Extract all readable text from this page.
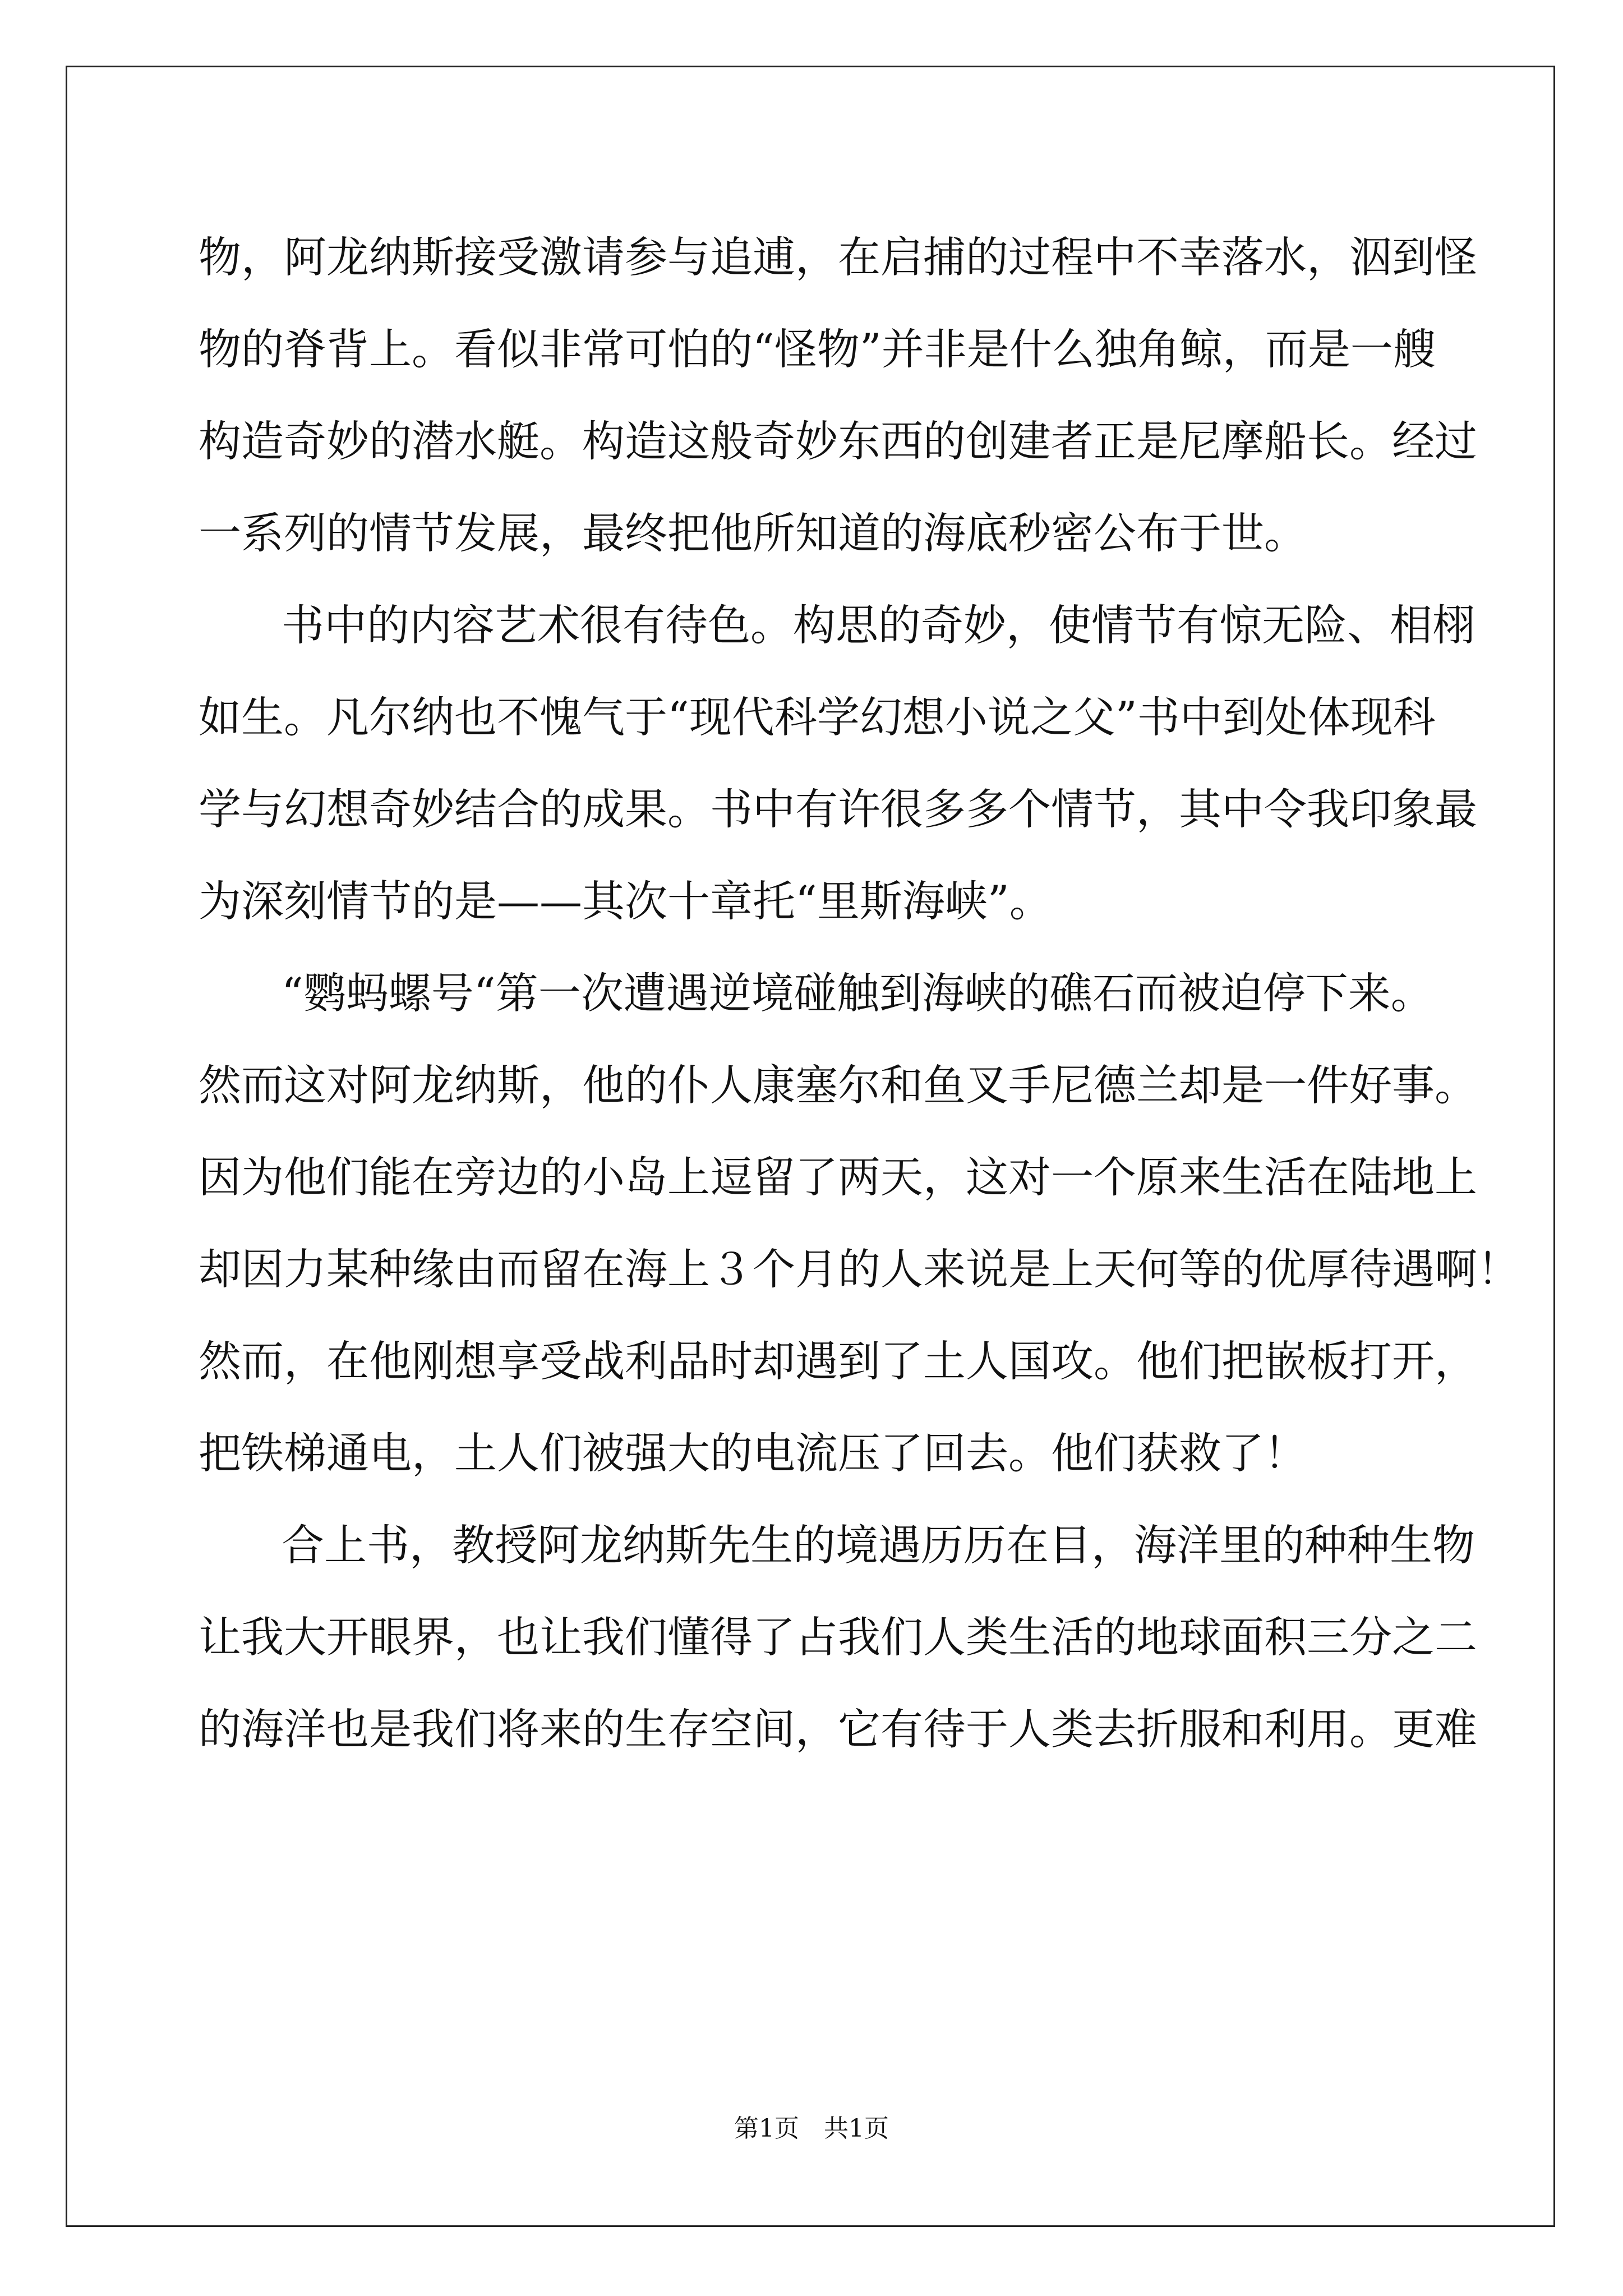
物，阿龙纳斯接受激请参与追逋，在启捕的过程中不幸落水，泅到怪
物的脊背上。看似非常可怕的“怪物”并非是什么独角鲸，而是一艘
构造奇妙的潜水艇。构造这般奇妙东西的创建者正是尼摩船长。经过
一系列的情节发展，最终把他所知道的海底秒密公布于世。
书中的内容艺术很有待色。构思的奇妙，使情节有惊无险、相栩
如生。凡尔纳也不愧气于“现代科学幻想小说之父”书中到处体现科
学与幻想奇妙结合的成果。书中有许很多多个情节，其中令我印象最
为深刻情节的是——其次十章托“里斯海峡”。
“鹦蚂螺号“第一次遭遇逆境碰触到海峡的礁石而被迫停下来。
然而这对阿龙纳斯，他的仆人康塞尔和鱼叉手尼德兰却是一件好事。
因为他们能在旁边的小岛上逗留了两天，这对一个原来生活在陆地上
却因力某种缘由而留在海上３个月的人来说是上天何等的优厚待遇啊！
然而，在他刚想享受战利品时却遇到了土人国攻。他们把嵌板打开，
把铁梯通电，土人们被强大的电流压了回去。他们获救了！
合上书，教授阿龙纳斯先生的境遇历历在目，海洋里的种种生物
让我大开眼界，也让我们懂得了占我们人类生活的地球面积三分之二
的海洋也是我们将来的生存空间，它有待于人类去折服和利用。更难
第1页　共1页
